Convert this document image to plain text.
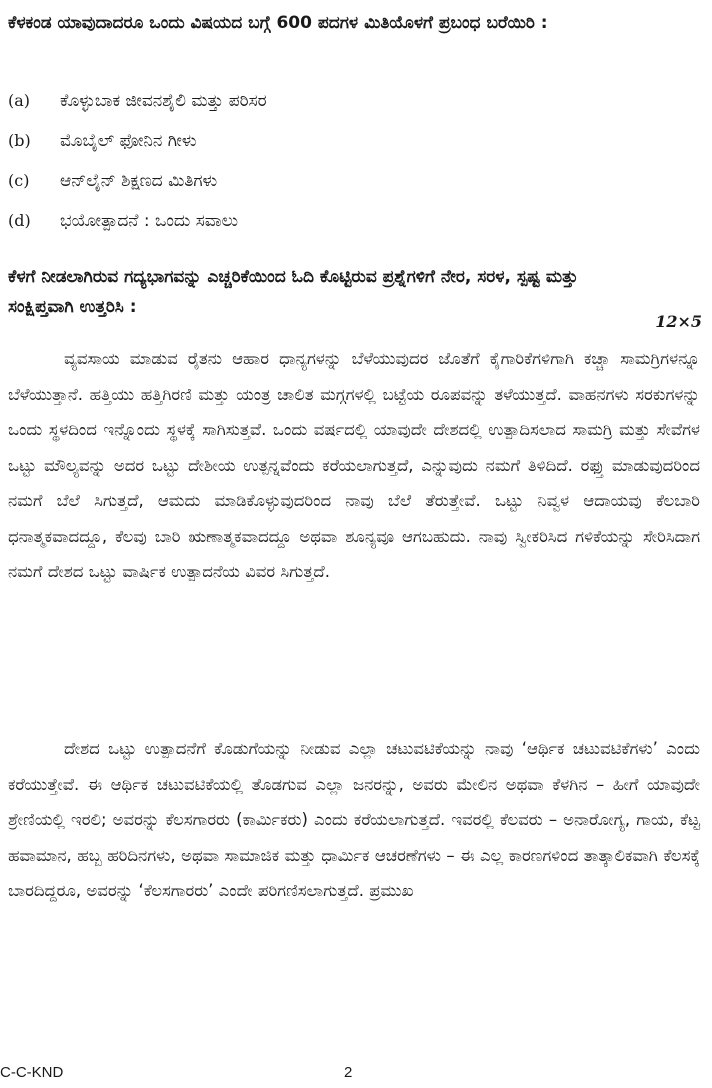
ಕೆಳಕಂಡ ಯಾವುದಾದರೂ ಒಂದು ವಿಷಯದ ಬಗ್ಗೆ 600 ಪದಗಳ ಮಿತಿಯೊಳಗೆ ಪ್ರಬಂಧ ಬರೆಯಿರಿ :
(a) ಕೊಳ್ಳುಬಾಕ ಜೀವನಶೈಲಿ ಮತ್ತು ಪರಿಸರ
(b) ಮೊಬೈಲ್ ಫೋನಿನ ಗೀಳು
(c) ಆನ್‌ಲೈನ್ ಶಿಕ್ಷಣದ ಮಿತಿಗಳು
(d) ಭಯೋತ್ಪಾದನೆ : ಒಂದು ಸವಾಲು
ಕೆಳಗೆ ನೀಡಲಾಗಿರುವ ಗದ್ಯಭಾಗವನ್ನು ಎಚ್ಚರಿಕೆಯಿಂದ ಓದಿ ಕೊಟ್ಟಿರುವ ಪ್ರಶ್ನೆಗಳಿಗೆ ನೇರ, ಸರಳ, ಸ್ಪಷ್ಟ ಮತ್ತು ಸಂಕ್ಷಿಪ್ತವಾಗಿ ಉತ್ತರಿಸಿ :
12×5
ವ್ಯವಸಾಯ ಮಾಡುವ ರೈತನು ಆಹಾರ ಧಾನ್ಯಗಳನ್ನು ಬೆಳೆಯುವುದರ ಜೊತೆಗೆ ಕೈಗಾರಿಕೆಗಳಿಗಾಗಿ ಕಚ್ಚಾ ಸಾಮಗ್ರಿಗಳನ್ನೂ ಬೆಳೆಯುತ್ತಾನೆ. ಹತ್ತಿಯು ಹತ್ತಿಗಿರಣಿ ಮತ್ತು ಯಂತ್ರ ಚಾಲಿತ ಮಗ್ಗಗಳಲ್ಲಿ ಬಟ್ಟೆಯ ರೂಪವನ್ನು ತಳೆಯುತ್ತದೆ. ವಾಹನಗಳು ಸರಕುಗಳನ್ನು ಒಂದು ಸ್ಥಳದಿಂದ ಇನ್ನೊಂದು ಸ್ಥಳಕ್ಕೆ ಸಾಗಿಸುತ್ತವೆ. ಒಂದು ವರ್ಷದಲ್ಲಿ ಯಾವುದೇ ದೇಶದಲ್ಲಿ ಉತ್ಪಾದಿಸಲಾದ ಸಾಮಗ್ರಿ ಮತ್ತು ಸೇವೆಗಳ ಒಟ್ಟು ಮೌಲ್ಯವನ್ನು ಅದರ ಒಟ್ಟು ದೇಶೀಯ ಉತ್ಪನ್ನವೆಂದು ಕರೆಯಲಾಗುತ್ತದೆ, ಎನ್ನುವುದು ನಮಗೆ ತಿಳಿದಿದೆ. ರಫ್ತು ಮಾಡುವುದರಿಂದ ನಮಗೆ ಬೆಲೆ ಸಿಗುತ್ತದೆ, ಆಮದು ಮಾಡಿಕೊಳ್ಳುವುದರಿಂದ ನಾವು ಬೆಲೆ ತೆರುತ್ತೇವೆ. ಒಟ್ಟು ನಿವ್ವಳ ಆದಾಯವು ಕೆಲಬಾರಿ ಧನಾತ್ಮಕವಾದದ್ದೂ, ಕೆಲವು ಬಾರಿ ಋಣಾತ್ಮಕವಾದದ್ದೂ ಅಥವಾ ಶೂನ್ಯವೂ ಆಗಬಹುದು. ನಾವು ಸ್ವೀಕರಿಸಿದ ಗಳಿಕೆಯನ್ನು ಸೇರಿಸಿದಾಗ ನಮಗೆ ದೇಶದ ಒಟ್ಟು ವಾರ್ಷಿಕ ಉತ್ಪಾದನೆಯ ವಿವರ ಸಿಗುತ್ತದೆ.
ದೇಶದ ಒಟ್ಟು ಉತ್ಪಾದನೆಗೆ ಕೊಡುಗೆಯನ್ನು ನೀಡುವ ಎಲ್ಲಾ ಚಟುವಟಿಕೆಯನ್ನು ನಾವು ‘ಆರ್ಥಿಕ ಚಟುವಟಿಕೆಗಳು’ ಎಂದು ಕರೆಯುತ್ತೇವೆ. ಈ ಆರ್ಥಿಕ ಚಟುವಟಿಕೆಯಲ್ಲಿ ತೊಡಗುವ ಎಲ್ಲಾ ಜನರನ್ನು, ಅವರು ಮೇಲಿನ ಅಥವಾ ಕೆಳಗಿನ – ಹೀಗೆ ಯಾವುದೇ ಶ್ರೇಣಿಯಲ್ಲಿ ಇರಲಿ; ಅವರನ್ನು ಕೆಲಸಗಾರರು (ಕಾರ್ಮಿಕರು) ಎಂದು ಕರೆಯಲಾಗುತ್ತದೆ. ಇವರಲ್ಲಿ ಕೆಲವರು – ಅನಾರೋಗ್ಯ, ಗಾಯ, ಕೆಟ್ಟ ಹವಾಮಾನ, ಹಬ್ಬ ಹರಿದಿನಗಳು, ಅಥವಾ ಸಾಮಾಜಿಕ ಮತ್ತು ಧಾರ್ಮಿಕ ಆಚರಣೆಗಳು – ಈ ಎಲ್ಲ ಕಾರಣಗಳಿಂದ ತಾತ್ಕಾಲಿಕವಾಗಿ ಕೆಲಸಕ್ಕೆ ಬಾರದಿದ್ದರೂ, ಅವರನ್ನು ‘ಕೆಲಸಗಾರರು’ ಎಂದೇ ಪರಿಗಣಿಸಲಾಗುತ್ತದೆ. ಪ್ರಮುಖ
C-C-KND	2
